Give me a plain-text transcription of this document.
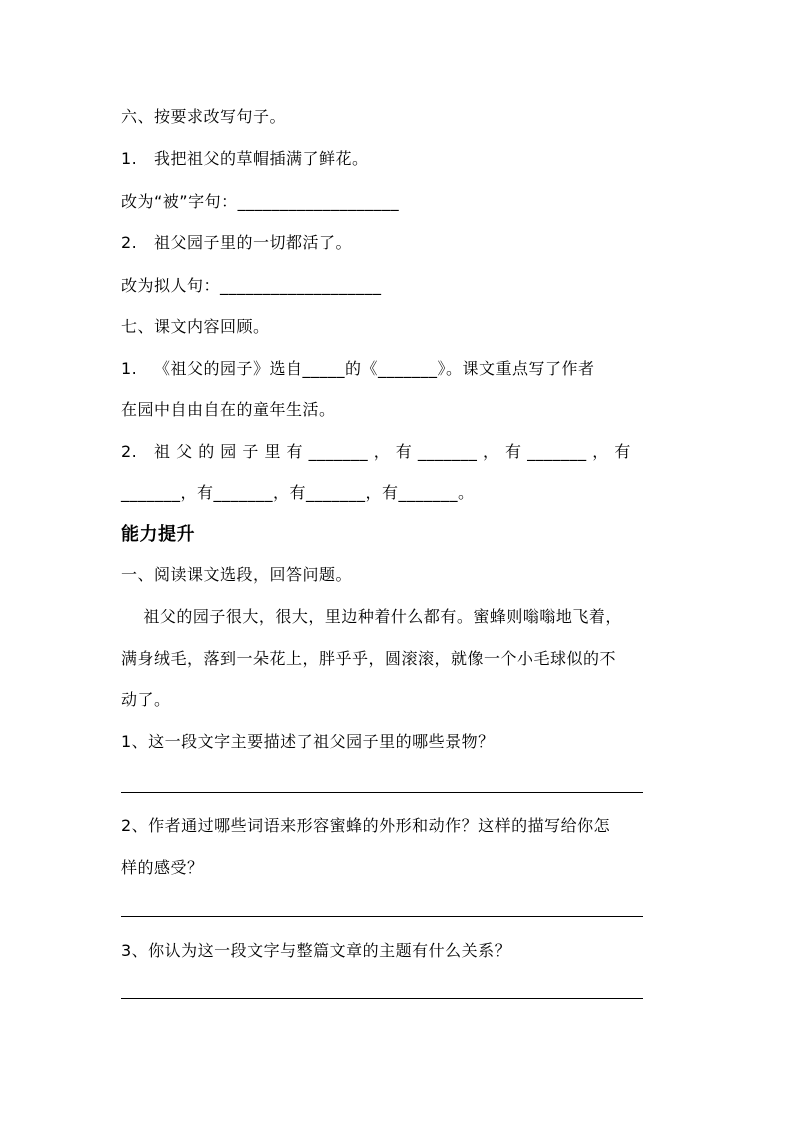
六、按要求改写句子。
1.   我把祖父的草帽插满了鲜花。
改为“被”字句：___________________
2.   祖父园子里的一切都活了。
改为拟人句：___________________
七、课文内容回顾。
1.   《祖父的园子》选自_____的《_______》。课文重点写了作者
在园中自由自在的童年生活。
2.   祖 父 的 园 子 里 有 _______ ， 有 _______ ， 有 _______ ， 有
_______，有_______，有_______，有_______。
能力提升
一、阅读课文选段，回答问题。
祖父的园子很大，很大，里边种着什么都有。蜜蜂则嗡嗡地飞着，
满身绒毛，落到一朵花上，胖乎乎，圆滚滚，就像一个小毛球似的不
动了。
1、这一段文字主要描述了祖父园子里的哪些景物？
2、作者通过哪些词语来形容蜜蜂的外形和动作？这样的描写给你怎
样的感受？
3、你认为这一段文字与整篇文章的主题有什么关系？
